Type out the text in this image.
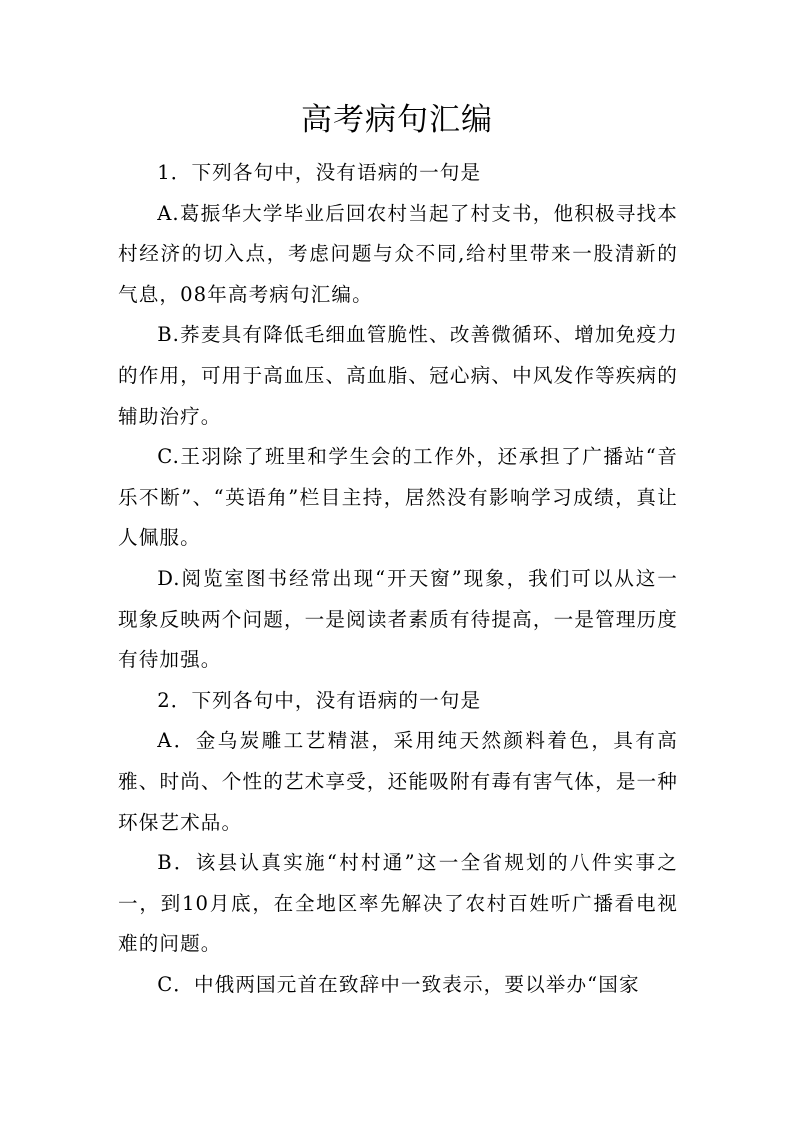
高考病句汇编

1．下列各句中，没有语病的一句是

A.葛振华大学毕业后回农村当起了村支书，他积极寻找本村经济的切入点，考虑问题与众不同,给村里带来一股清新的气息，08年高考病句汇编。

B.荞麦具有降低毛细血管脆性、改善微循环、增加免疫力的作用，可用于高血压、高血脂、冠心病、中风发作等疾病的辅助治疗。

C.王羽除了班里和学生会的工作外，还承担了广播站“音乐不断”、“英语角”栏目主持，居然没有影响学习成绩，真让人佩服。

D.阅览室图书经常出现“开天窗”现象，我们可以从这一现象反映两个问题，一是阅读者素质有待提高，一是管理历度有待加强。

2．下列各句中，没有语病的一句是

A．金乌炭雕工艺精湛，采用纯天然颜料着色，具有高雅、时尚、个性的艺术享受，还能吸附有毒有害气体，是一种环保艺术品。

B．该县认真实施“村村通”这一全省规划的八件实事之一，到10月底，在全地区率先解决了农村百姓听广播看电视难的问题。

C．中俄两国元首在致辞中一致表示，要以举办“国家
